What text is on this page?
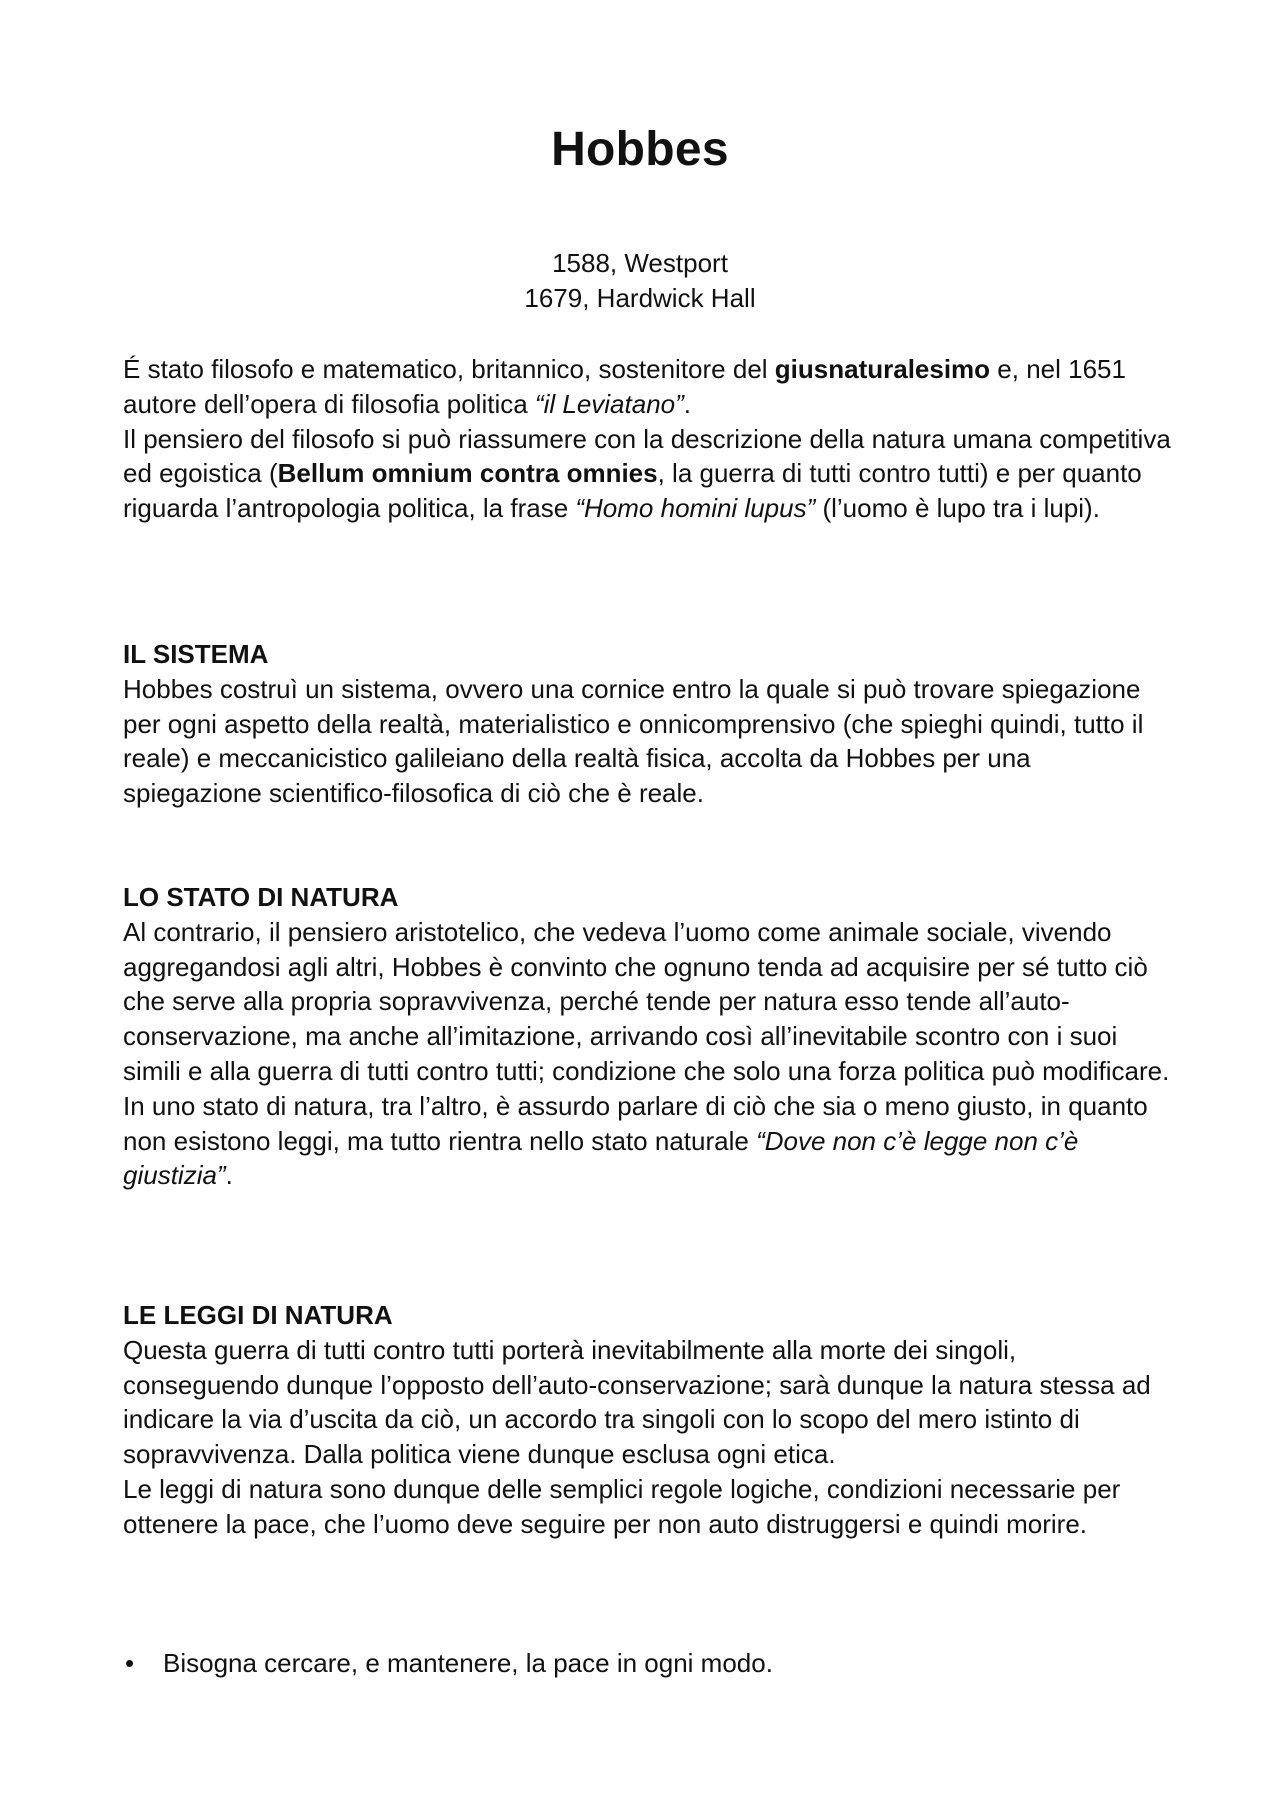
Hobbes
1588, Westport
1679, Hardwick Hall

É stato filosofo e matematico, britannico, sostenitore del giusnaturalesimo e, nel 1651 autore dell’opera di filosofia politica “il Leviatano”.

Il pensiero del filosofo si può riassumere con la descrizione della natura umana competitiva ed egoistica (Bellum omnium contra omnies, la guerra di tutti contro tutti) e per quanto riguarda l’antropologia politica, la frase “Homo homini lupus” (l’uomo è lupo tra i lupi).

IL SISTEMA

Hobbes costruì un sistema, ovvero una cornice entro la quale si può trovare spiegazione per ogni aspetto della realtà, materialistico e onnicomprensivo (che spieghi quindi, tutto il reale) e meccanicistico galileiano della realtà fisica, accolta da Hobbes per una spiegazione scientifico-filosofica di ciò che è reale.

LO STATO DI NATURA

Al contrario, il pensiero aristotelico, che vedeva l’uomo come animale sociale, vivendo aggregandosi agli altri, Hobbes è convinto che ognuno tenda ad acquisire per sé tutto ciò che serve alla propria sopravvivenza, perché tende per natura esso tende all’auto-conservazione, ma anche all’imitazione, arrivando così all’inevitabile scontro con i suoi simili e alla guerra di tutti contro tutti; condizione che solo una forza politica può modificare.

In uno stato di natura, tra l’altro, è assurdo parlare di ciò che sia o meno giusto, in quanto non esistono leggi, ma tutto rientra nello stato naturale “Dove non c’è legge non c’è giustizia”.

LE LEGGI DI NATURA

Questa guerra di tutti contro tutti porterà inevitabilmente alla morte dei singoli, conseguendo dunque l’opposto dell’auto-conservazione; sarà dunque la natura stessa ad indicare la via d’uscita da ciò, un accordo tra singoli con lo scopo del mero istinto di sopravvivenza. Dalla politica viene dunque esclusa ogni etica.

Le leggi di natura sono dunque delle semplici regole logiche, condizioni necessarie per ottenere la pace, che l’uomo deve seguire per non auto distruggersi e quindi morire.

• Bisogna cercare, e mantenere, la pace in ogni modo.
